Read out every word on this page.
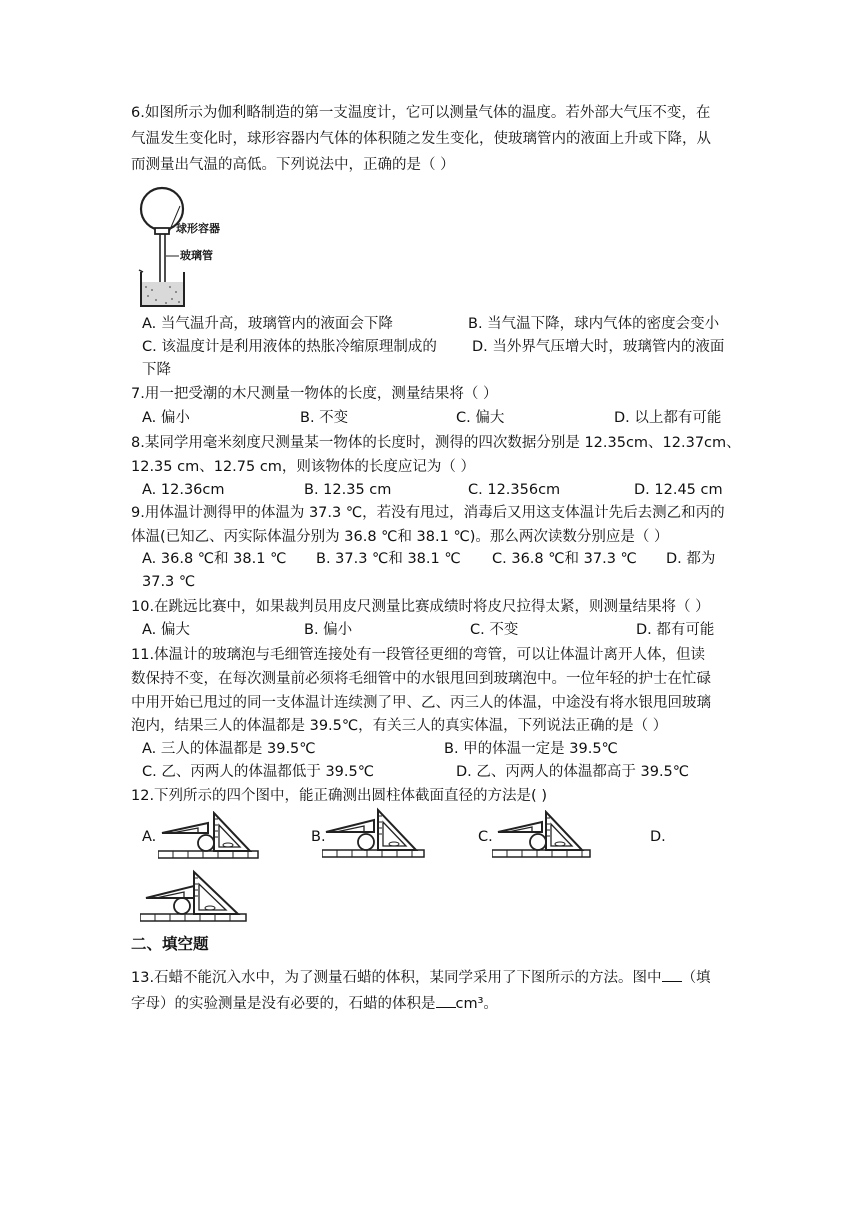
6.如图所示为伽利略制造的第一支温度计，它可以测量气体的温度。若外部大气压不变，在
气温发生变化时，球形容器内气体的体积随之发生变化，使玻璃管内的液面上升或下降，从
而测量出气温的高低。下列说法中，正确的是（ ）
球形容器
玻璃管
A. 当气温升高，玻璃管内的液面会下降	B. 当气温下降，球内气体的密度会变小
C. 该温度计是利用液体的热胀冷缩原理制成的 D. 当外界气压增大时，玻璃管内的液面
下降
7.用一把受潮的木尺测量一物体的长度，测量结果将（ ）
A. 偏小	B. 不变	C. 偏大	D. 以上都有可能
8.某同学用毫米刻度尺测量某一物体的长度时，测得的四次数据分别是 12.35cm、12.37cm、
12.35 cm、12.75 cm，则该物体的长度应记为（ ）
A. 12.36cm	B. 12.35 cm	C. 12.356cm	D. 12.45 cm
9.用体温计测得甲的体温为 37.3 ℃，若没有甩过，消毒后又用这支体温计先后去测乙和丙的
体温(已知乙、丙实际体温分别为 36.8 ℃和 38.1 ℃)。那么两次读数分别应是（ ）
A. 36.8 ℃和 38.1 ℃ B. 37.3 ℃和 38.1 ℃ C. 36.8 ℃和 37.3 ℃ D. 都为
37.3 ℃
10.在跳远比赛中，如果裁判员用皮尺测量比赛成绩时将皮尺拉得太紧，则测量结果将（ ）
A. 偏大	B. 偏小	C. 不变	D. 都有可能
11.体温计的玻璃泡与毛细管连接处有一段管径更细的弯管，可以让体温计离开人体，但读
数保持不变，在每次测量前必须将毛细管中的水银甩回到玻璃泡中。一位年轻的护士在忙碌
中用开始已甩过的同一支体温计连续测了甲、乙、丙三人的体温，中途没有将水银甩回玻璃
泡内，结果三人的体温都是 39.5℃，有关三人的真实体温，下列说法正确的是（ ）
A. 三人的体温都是 39.5℃	B. 甲的体温一定是 39.5℃
C. 乙、丙两人的体温都低于 39.5℃	D. 乙、丙两人的体温都高于 39.5℃
12.下列所示的四个图中，能正确测出圆柱体截面直径的方法是( )
A.	B.	C.	D.
二、填空题
13.石蜡不能沉入水中，为了测量石蜡的体积，某同学采用了下图所示的方法。图中 （填
字母）的实验测量是没有必要的，石蜡的体积是 cm³。
